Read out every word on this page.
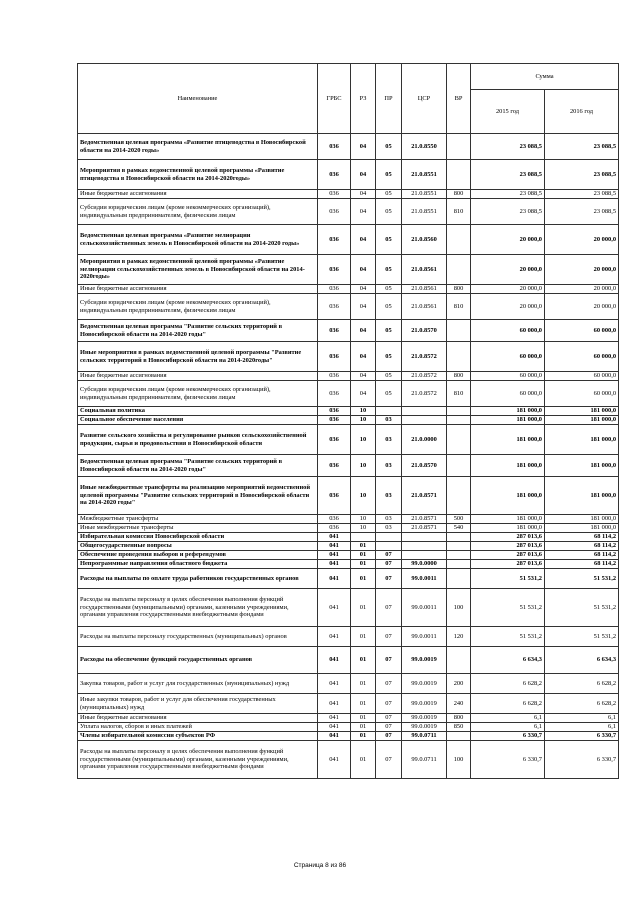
Наименование	ГРБС	РЗ	ПР	ЦСР	ВР	Сумма	
						2015 год	2016 год
Ведомственная целевая программа «Развитие птицеводства в Новосибирской области на 2014-2020 годы»	036	04	05	21.0.8550		23 088,5	23 088,5
Мероприятия в рамках ведомственной целевой программы «Развитие птицеводства в Новосибирской области на 2014-2020годы»	036	04	05	21.0.8551		23 088,5	23 088,5
Иные бюджетные ассигнования	036	04	05	21.0.8551	800	23 088,5	23 088,5
Субсидии юридическим лицам (кроме некоммерческих организаций), индивидуальным предпринимателям, физическим лицам	036	04	05	21.0.8551	810	23 088,5	23 088,5
Ведомственная целевая программа «Развитие мелиорации сельскохозяйственных земель в Новосибирской области на 2014-2020 годы»	036	04	05	21.0.8560		20 000,0	20 000,0
Мероприятия в рамках ведомственной целевой программы «Развитие мелиорации сельскохозяйственных земель в Новосибирской области на 2014-2020годы»	036	04	05	21.0.8561		20 000,0	20 000,0
Иные бюджетные ассигнования	036	04	05	21.0.8561	800	20 000,0	20 000,0
Субсидии юридическим лицам (кроме некоммерческих организаций), индивидуальным предпринимателям, физическим лицам	036	04	05	21.0.8561	810	20 000,0	20 000,0
Ведомственная целевая программа "Развитие сельских территорий в Новосибирской области на 2014-2020 годы"	036	04	05	21.0.8570		60 000,0	60 000,0
Иные мероприятия в рамках ведомственной целевой программы "Развитие сельских территорий в Новосибирской области на 2014-2020годы"	036	04	05	21.0.8572		60 000,0	60 000,0
Иные бюджетные ассигнования	036	04	05	21.0.8572	800	60 000,0	60 000,0
Субсидии юридическим лицам (кроме некоммерческих организаций), индивидуальным предпринимателям, физическим лицам	036	04	05	21.0.8572	810	60 000,0	60 000,0
Социальная политика	036	10				181 000,0	181 000,0
Социальное обеспечение населения	036	10	03			181 000,0	181 000,0
Развитие сельского хозяйства и регулирование рынков сельскохозяйственной продукции, сырья и продовольствия в Новосибирской области	036	10	03	21.0.0000		181 000,0	181 000,0
Ведомственная целевая программа "Развитие сельских территорий в Новосибирской области на 2014-2020 годы"	036	10	03	21.0.8570		181 000,0	181 000,0
Иные межбюджетные трансферты на реализацию мероприятий ведомственной целевой программы "Развитие сельских территорий в Новосибирской области на 2014-2020 годы"	036	10	03	21.0.8571		181 000,0	181 000,0
Межбюджетные трансферты	036	10	03	21.0.8571	500	181 000,0	181 000,0
Иные межбюджетные трансферты	036	10	03	21.0.8571	540	181 000,0	181 000,0
Избирательная комиссия Новосибирской области	041					287 013,6	68 114,2
Общегосударственные вопросы	041	01				287 013,6	68 114,2
Обеспечение проведения выборов и референдумов	041	01	07			287 013,6	68 114,2
Непрограммные направления областного бюджета	041	01	07	99.0.0000		287 013,6	68 114,2
Расходы на выплаты по оплате труда работников государственных органов	041	01	07	99.0.0011		51 531,2	51 531,2
Расходы на выплаты персоналу в целях обеспечения выполнения функций государственными (муниципальными) органами, казенными учреждениями, органами управления государственными внебюджетными фондами	041	01	07	99.0.0011	100	51 531,2	51 531,2
Расходы на выплаты персоналу государственных (муниципальных) органов	041	01	07	99.0.0011	120	51 531,2	51 531,2
Расходы на обеспечение функций государственных органов	041	01	07	99.0.0019		6 634,3	6 634,3
Закупка товаров, работ и услуг для государственных (муниципальных) нужд	041	01	07	99.0.0019	200	6 628,2	6 628,2
Иные закупки товаров, работ и услуг для обеспечения государственных (муниципальных) нужд	041	01	07	99.0.0019	240	6 628,2	6 628,2
Иные бюджетные ассигнования	041	01	07	99.0.0019	800	6,1	6,1
Уплата налогов, сборов и иных платежей	041	01	07	99.0.0019	850	6,1	6,1
Члены избирательной комиссии субъектов РФ	041	01	07	99.0.0711		6 330,7	6 330,7
Расходы на выплаты персоналу в целях обеспечения выполнения функций государственными (муниципальными) органами, казенными учреждениями, органами управления государственными внебюджетными фондами	041	01	07	99.0.0711	100	6 330,7	6 330,7
Страница 8 из 86
